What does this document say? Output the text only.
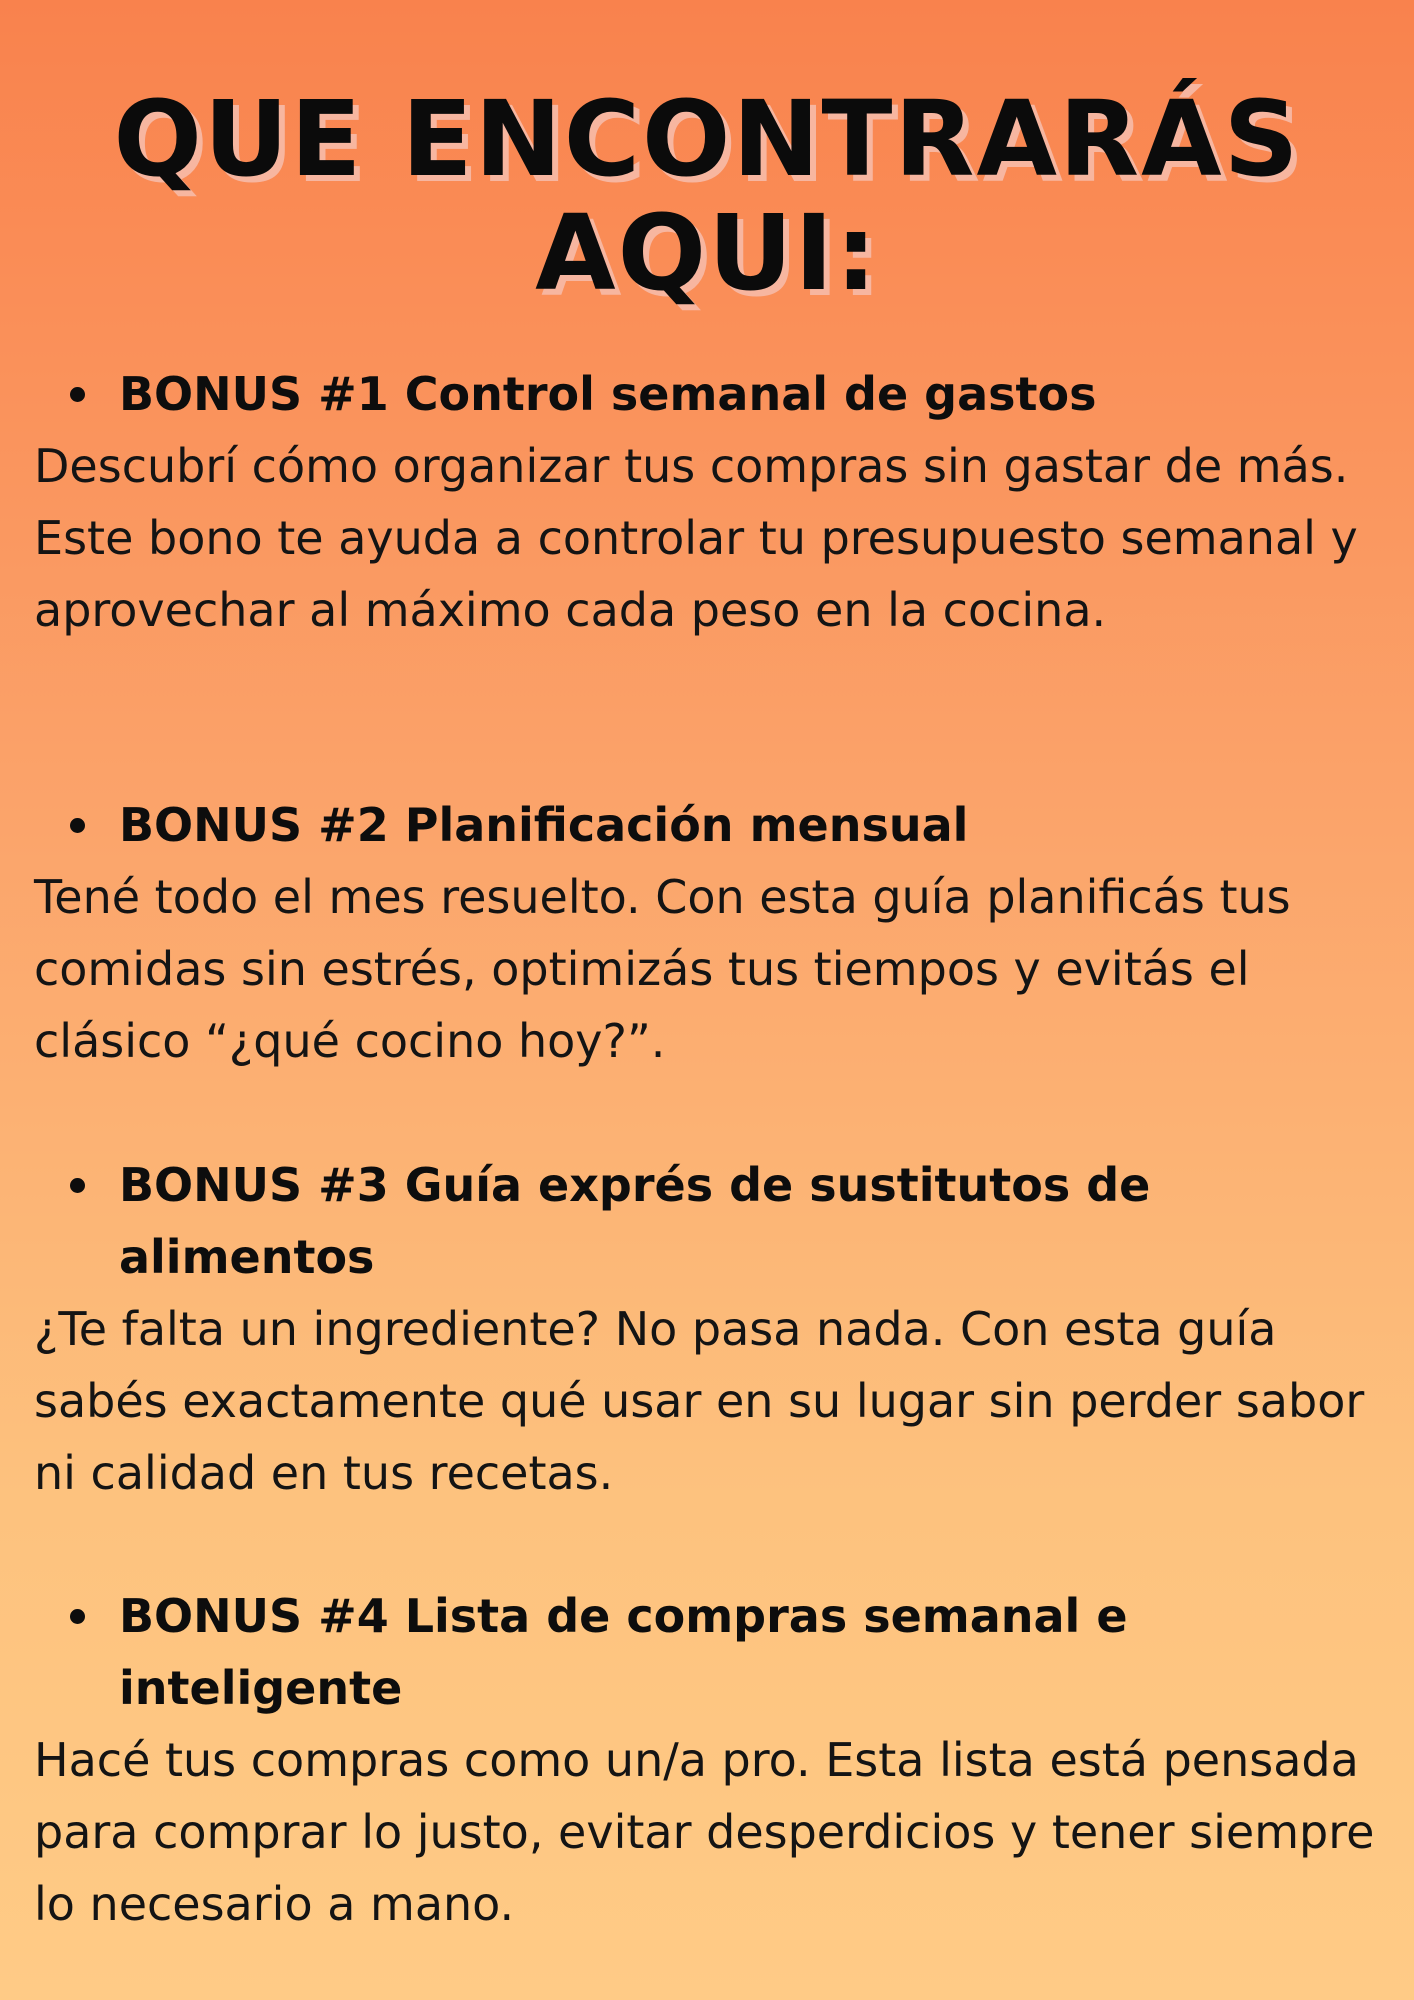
QUE ENCONTRARÁS
AQUI:

BONUS #1 Control semanal de gastos

Descubrí cómo organizar tus compras sin gastar de más. Este bono te ayuda a controlar tu presupuesto semanal y aprovechar al máximo cada peso en la cocina.

BONUS #2 Planificación mensual

Tené todo el mes resuelto. Con esta guía planificás tus comidas sin estrés, optimizás tus tiempos y evitás el clásico “¿qué cocino hoy?”.

BONUS #3 Guía exprés de sustitutos de alimentos

¿Te falta un ingrediente? No pasa nada. Con esta guía sabés exactamente qué usar en su lugar sin perder sabor ni calidad en tus recetas.

BONUS #4 Lista de compras semanal e inteligente

Hacé tus compras como un/a pro. Esta lista está pensada para comprar lo justo, evitar desperdicios y tener siempre lo necesario a mano.
